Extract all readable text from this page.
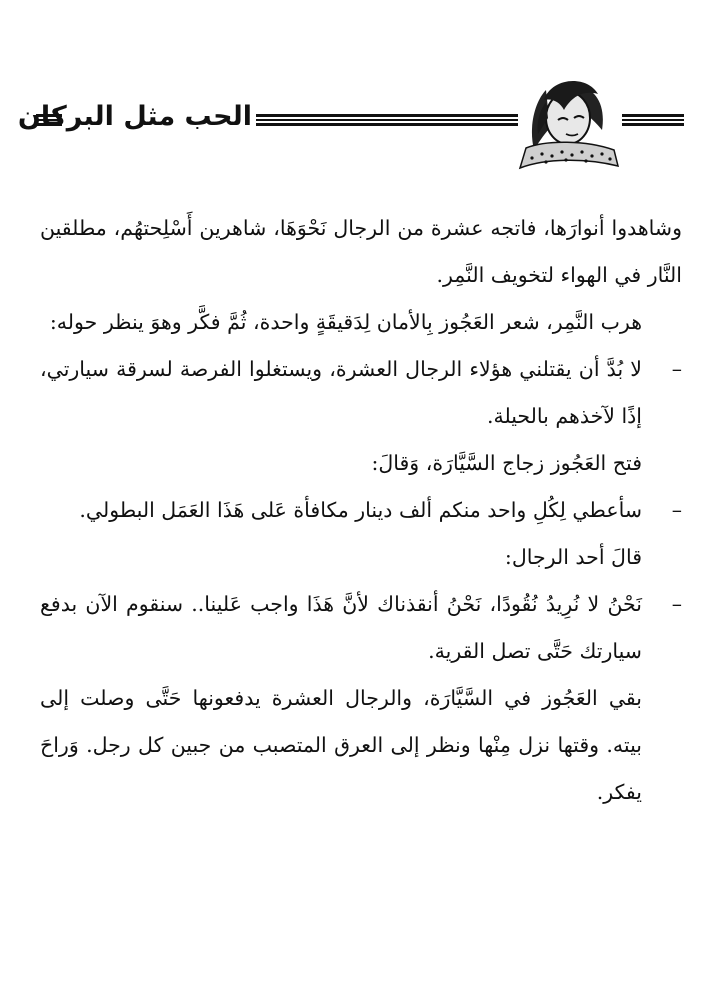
الحب مثل البركان

وشاهدوا أنوارَها، فاتجه عشرة من الرجال نَحْوَهَا، شاهرين أَسْلِحتهُم، مطلقين النَّار في الهواء لتخويف النَّمِر.

هرب النَّمِر، شعر العَجُوز بِالأمان لِدَقيقَةٍ واحدة، ثُمَّ فكَّر وهوَ ينظر حوله:

–
لا بُدَّ أن يقتلني هؤلاء الرجال العشرة، ويستغلوا الفرصة لسرقة سيارتي، إذًا لآخذهم بالحيلة.

فتح العَجُوز زجاج السَّيَّارَة، وَقالَ:

–
سأعطي لِكُلِ واحد منكم ألف دينار مكافأة عَلى هَذَا العَمَل البطولي.

قالَ أحد الرجال:

–
نَحْنُ لا نُرِيدُ نُقُودًا، نَحْنُ أنقذناك لأنَّ هَذَا واجب عَلينا.. سنقوم الآن بدفع سيارتك حَتَّى تصل القرية.

بقي العَجُوز في السَّيَّارَة، والرجال العشرة يدفعونها حَتَّى وصلت إلى بيته. وقتها نزل مِنْها ونظر إلى العرق المتصبب من جبين كل رجل. وَراحَ يفكر.
